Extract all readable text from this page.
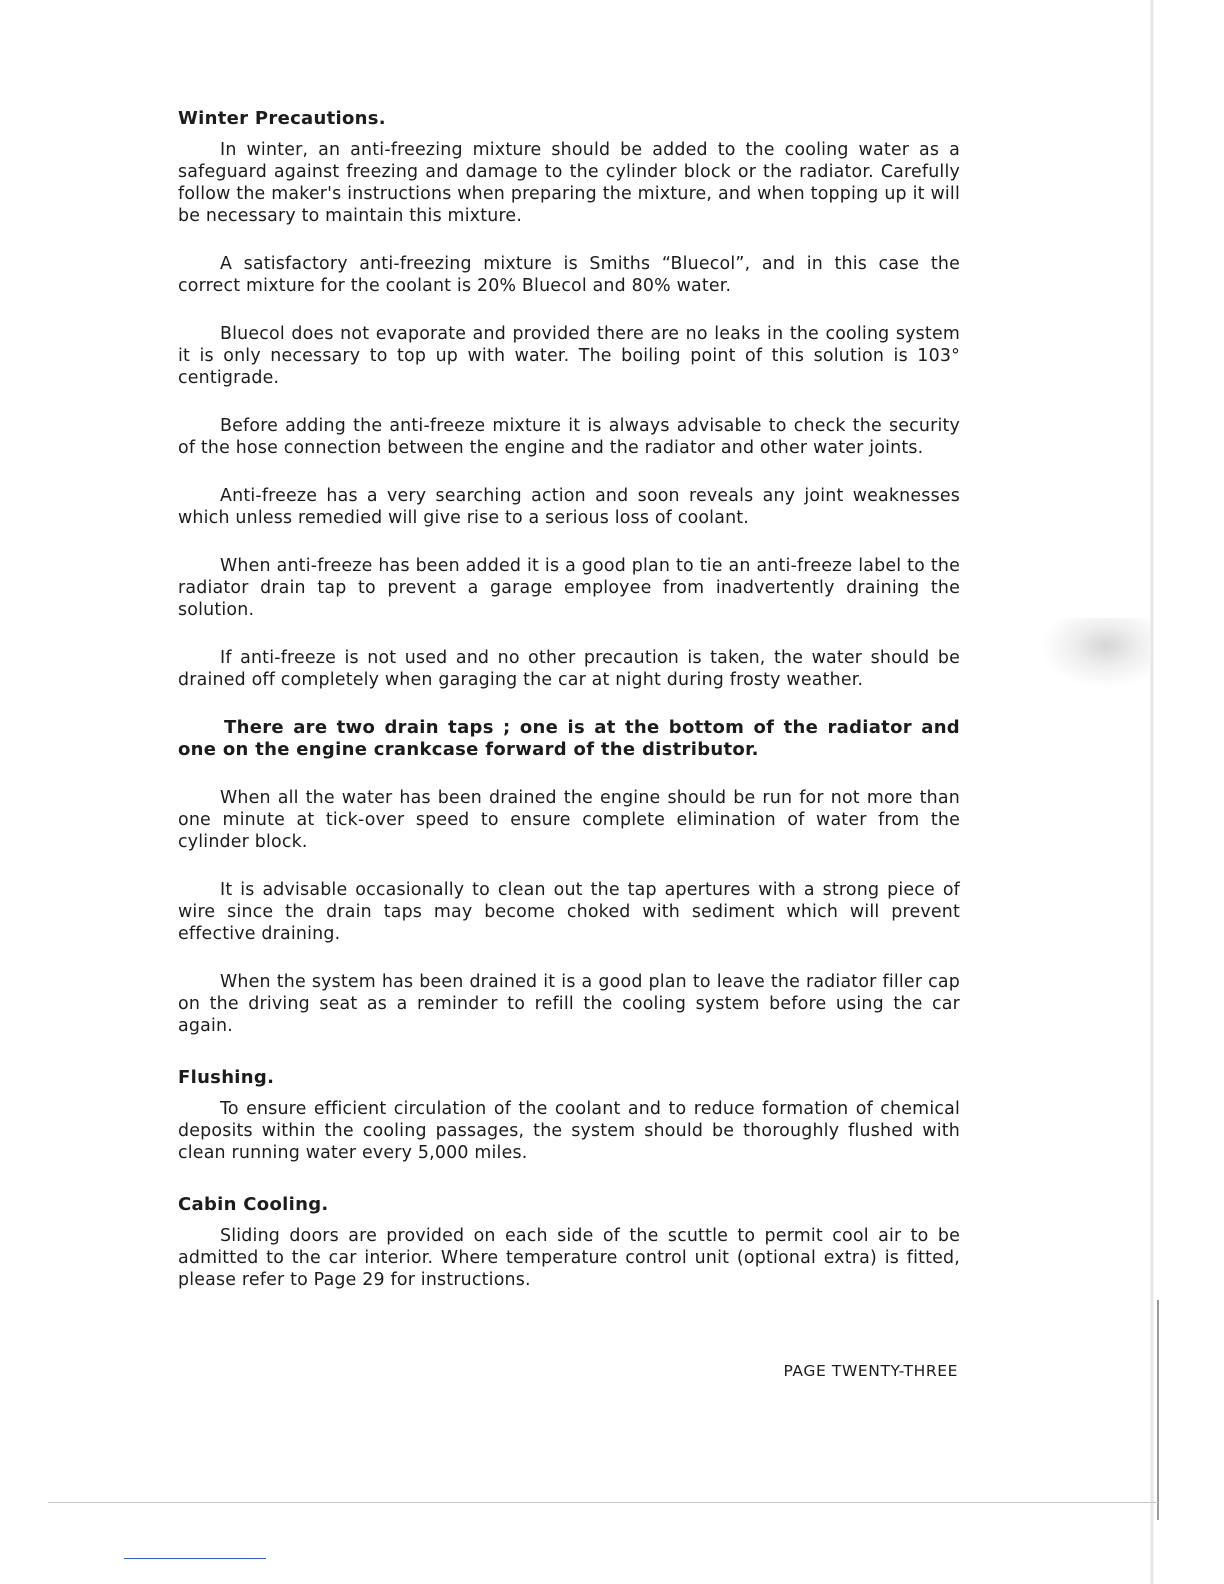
Winter Precautions.

In winter, an anti-freezing mixture should be added to the cooling water as a safeguard against freezing and damage to the cylinder block or the radiator. Carefully follow the maker's instructions when preparing the mixture, and when topping up it will be necessary to maintain this mixture.

A satisfactory anti-freezing mixture is Smiths “Bluecol”, and in this case the correct mixture for the coolant is 20% Bluecol and 80% water.

Bluecol does not evaporate and provided there are no leaks in the cooling system it is only necessary to top up with water. The boiling point of this solution is 103° centigrade.

Before adding the anti-freeze mixture it is always advisable to check the security of the hose connection between the engine and the radiator and other water joints.

Anti-freeze has a very searching action and soon reveals any joint weaknesses which unless remedied will give rise to a serious loss of coolant.

When anti-freeze has been added it is a good plan to tie an anti-freeze label to the radiator drain tap to prevent a garage employee from inadvertently draining the solution.

If anti-freeze is not used and no other precaution is taken, the water should be drained off completely when garaging the car at night during frosty weather.

There are two drain taps ; one is at the bottom of the radiator and one on the engine crankcase forward of the distributor.

When all the water has been drained the engine should be run for not more than one minute at tick-over speed to ensure complete elimination of water from the cylinder block.

It is advisable occasionally to clean out the tap apertures with a strong piece of wire since the drain taps may become choked with sediment which will prevent effective draining.

When the system has been drained it is a good plan to leave the radiator filler cap on the driving seat as a reminder to refill the cooling system before using the car again.

Flushing.

To ensure efficient circulation of the coolant and to reduce formation of chemical deposits within the cooling passages, the system should be thoroughly flushed with clean running water every 5,000 miles.

Cabin Cooling.

Sliding doors are provided on each side of the scuttle to permit cool air to be admitted to the car interior. Where temperature control unit (optional extra) is fitted, please refer to Page 29 for instructions.

PAGE TWENTY-THREE
